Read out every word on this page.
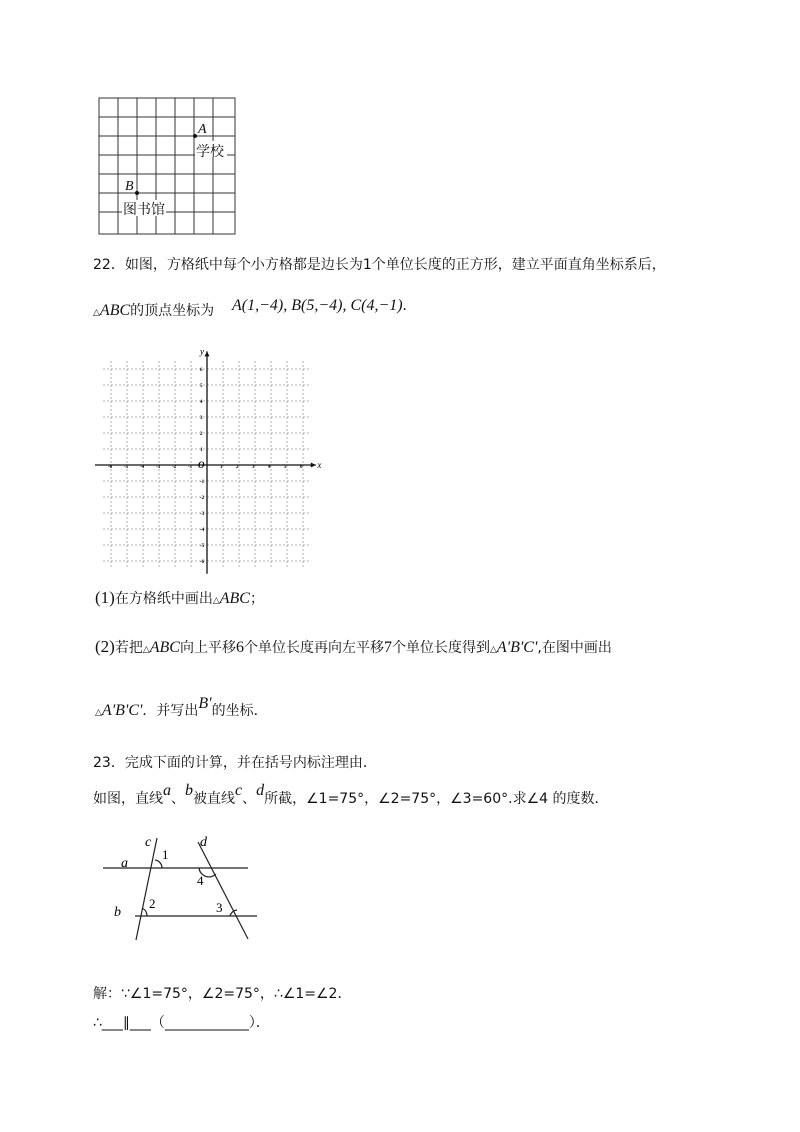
A
学校
B
图书馆
22．如图，方格纸中每个小方格都是边长为1个单位长度的正方形，建立平面直角坐标系后，
△ABC的顶点坐标为 A(1,−4), B(5,−4), C(4,−1).
x
y
O
-6 -5 -4 -3 -2 -1	1	2	3	4	5	6
6
5
4
3
2
1
-1
-2
-3
-4
-5
-6
(1)在方格纸中画出△ABC；
(2)若把△ABC向上平移6个单位长度再向左平移7个单位长度得到△A'B'C',在图中画出
△A'B'C'．并写出B'的坐标．
23．完成下面的计算，并在括号内标注理由．
如图，直线a、b被直线c、d所截，∠1=75°，∠2=75°，∠3=60°.求∠4 的度数．
a
b
c	d
1
2	3
4
解：∵∠1=75°，∠2=75°，∴∠1=∠2．
∴___∥___（____________）．
